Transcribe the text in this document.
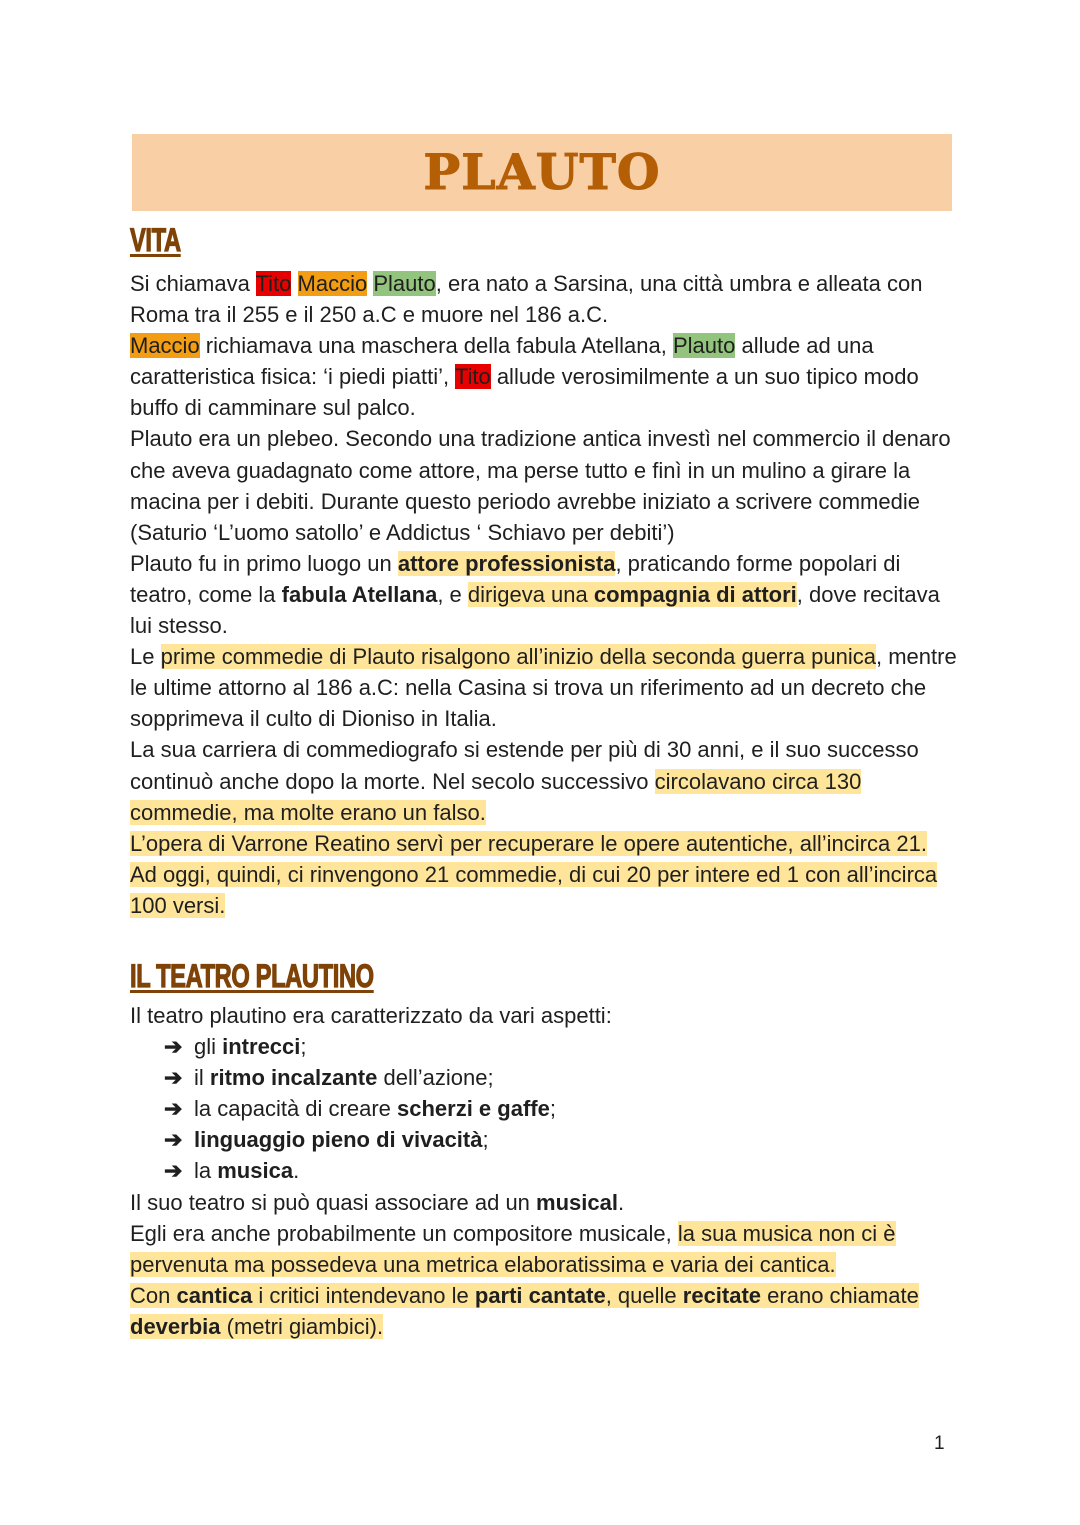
PLAUTO
VITA

Si chiamava Tito Maccio Plauto, era nato a Sarsina, una città umbra e alleata con Roma tra il 255 e il 250 a.C e muore nel 186 a.C.

Maccio richiamava una maschera della fabula Atellana, Plauto allude ad una caratteristica fisica: ‘i piedi piatti’, Tito allude verosimilmente a un suo tipico modo buffo di camminare sul palco.

Plauto era un plebeo. Secondo una tradizione antica investì nel commercio il denaro che aveva guadagnato come attore, ma perse tutto e finì in un mulino a girare la macina per i debiti. Durante questo periodo avrebbe iniziato a scrivere commedie (Saturio ‘L’uomo satollo’ e Addictus ‘ Schiavo per debiti’)

Plauto fu in primo luogo un attore professionista, praticando forme popolari di teatro, come la fabula Atellana, e dirigeva una compagnia di attori, dove recitava lui stesso.

Le prime commedie di Plauto risalgono all’inizio della seconda guerra punica, mentre le ultime attorno al 186 a.C: nella Casina si trova un riferimento ad un decreto che sopprimeva il culto di Dioniso in Italia.

La sua carriera di commediografo si estende per più di 30 anni, e il suo successo continuò anche dopo la morte. Nel secolo successivo circolavano circa 130 commedie, ma molte erano un falso.

L’opera di Varrone Reatino servì per recuperare le opere autentiche, all’incirca 21.

Ad oggi, quindi, ci rinvengono 21 commedie, di cui 20 per intere ed 1 con all’incirca 100 versi.

IL TEATRO PLAUTINO

Il teatro plautino era caratterizzato da vari aspetti:

➔ gli intrecci;
➔ il ritmo incalzante dell’azione;
➔ la capacità di creare scherzi e gaffe;
➔ linguaggio pieno di vivacità;
➔ la musica.

Il suo teatro si può quasi associare ad un musical.

Egli era anche probabilmente un compositore musicale, la sua musica non ci è pervenuta ma possedeva una metrica elaboratissima e varia dei cantica.

Con cantica i critici intendevano le parti cantate, quelle recitate erano chiamate deverbia (metri giambici).

1
